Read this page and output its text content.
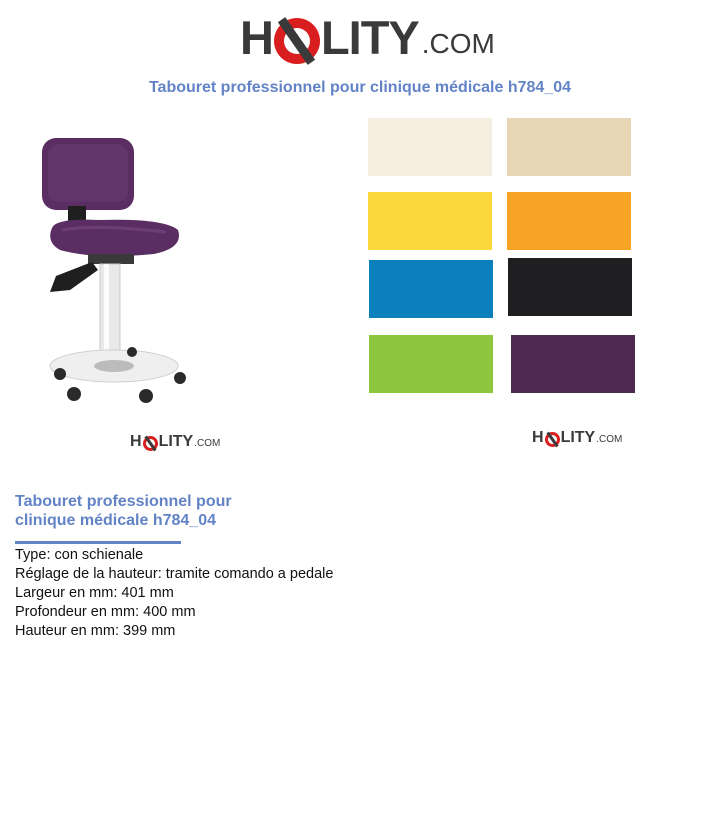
H LITY .COM
Tabouret professionnel pour clinique médicale h784_04
H LITY .COM	H LITY .COM
Tabouret professionnel pour
clinique médicale h784_04
Type: con schienale
Réglage de la hauteur: tramite comando a pedale
Largeur en mm: 401 mm
Profondeur en mm: 400 mm
Hauteur en mm: 399 mm
